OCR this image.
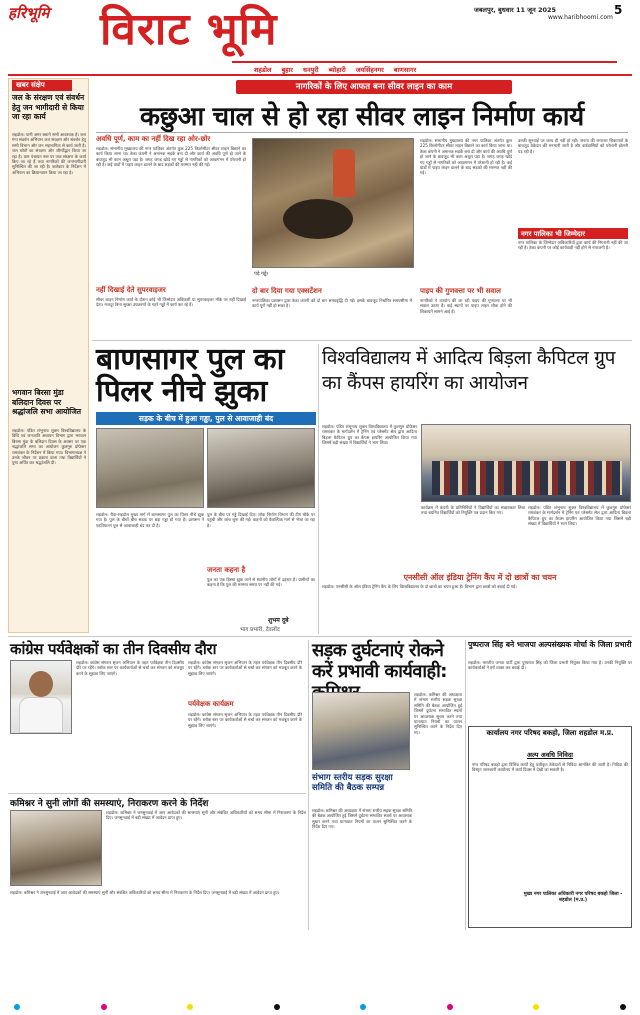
हरिभूमि विराट भूमि	जबलपुर, बुधवार 11 जून 2025
www.haribhoomi.com
5
शहडोल बुहार धनपुरी ब्योहारी जयसिंहनगर बाणसागर
खबर संक्षेप
जल के संरक्षण एवं संवर्धन हेतु जन भागीदारी से किया जा रहा कार्य
शहडोल। पानी अमर बचाने सभी आवश्यक है। जल गंगा संवर्धन अभियान जल संरक्षण और संवर्धन हेतु सभी विभाग और जन सहभागिता से कार्य जारी है। जल स्रोतों का संरक्षण और जीर्णोद्धार किया जा रहा है। ग्राम पंचायत स्तर पर जल संरक्षण के कार्य किए जा रहे हैं तथा नागरिकों की जनभागीदारी सुनिश्चित की जा रही है। कलेक्टर के निर्देशन में अभियान का क्रियान्वयन किया जा रहा है।
भगवान बिरसा मुंडा बलिदान दिवस पर श्रद्धांजलि सभा आयोजित
शहडोल। पंडित शंभूनाथ शुक्ल विश्वविद्यालय के विधि एवं जनजाति अध्ययन विभाग द्वारा भगवान बिरसा मुंडा के बलिदान दिवस के अवसर पर एक श्रद्धांजलि सभा का आयोजन कुलगुरु प्रोफेसर रामशंकर के निर्देशन में किया गया। विभागाध्यक्ष ने उनके जीवन पर प्रकाश डाला तथा विद्यार्थियों ने पुष्प अर्पित कर श्रद्धांजलि दी।
नागरिकों के लिए आफत बना सीवर लाइन का काम
कछुआ चाल से हो रहा सीवर लाइन निर्माण कार्य
अवधि पूर्ण, काम का नहीं दिख रहा ओर-छोर
शहडोल। संभागीय मुख्यालय की नगर पालिका अंतर्गत कुल 225 किलोमीटर सीवर लाइन बिछाने का कार्य किया जाना था। ठेका कंपनी ने अमानक सड़कें बना दी और कार्य की अवधि पूर्ण हो जाने के बावजूद भी काम अधूरा पड़ा है। जगह जगह खोदे गए गड्ढों से नागरिकों को आवागमन में परेशानी हो रही है। कई वार्डों में पाइप लाइन डालने के बाद सड़कों की मरम्मत नहीं की गई।
नहीं दिखाई देते सुपरवाइजर
सीवर लाइन निर्माण कार्य के दौरान कोई भी जिम्मेदार अधिकारी या सुपरवाइजर मौके पर नहीं दिखाई देता। मजदूर बिना सुरक्षा उपकरणों के गहरे गड्ढों में कार्य कर रहे हैं।
पड़े गड्ढे।
दो बार दिया गया एक्सटेंशन
नगरपालिका प्रशासन द्वारा ठेका कंपनी को दो बार समयवृद्धि दी गई। इसके बावजूद निर्धारित समयसीमा में कार्य पूर्ण नहीं हो सका है।
शहडोल। संभागीय मुख्यालय की नगर पालिका अंतर्गत कुल 225 किलोमीटर सीवर लाइन बिछाने का कार्य किया जाना था। ठेका कंपनी ने अमानक सड़कें बना दी और कार्य की अवधि पूर्ण हो जाने के बावजूद भी काम अधूरा पड़ा है। जगह जगह खोदे गए गड्ढों से नागरिकों को आवागमन में परेशानी हो रही है। कई वार्डों में पाइप लाइन डालने के बाद सड़कों की मरम्मत नहीं की गई।
पाइप की गुणवत्ता पर भी सवाल
नागरिकों ने उपयोग की जा रही पाइप की गुणवत्ता पर भी सवाल उठाए हैं। कई स्थानों पर पाइप लाइन लीक होने की शिकायतें सामने आई हैं।
उनकी सुनवाई पर जल्द ही नहीं हो रही। जनता की लगातार शिकायतों के बावजूद ठेकेदार की मनमानी जारी है और वार्डवासियों को परेशानी झेलनी पड़ रही है।
नगर पालिका भी जिम्मेदार
नगर पालिका के जिम्मेदार अधिकारियों द्वारा कार्य की निगरानी नहीं की जा रही है। ठेका कंपनी पर कोई कार्यवाही नहीं होने से नाराजगी है।
बाणसागर पुल का पिलर नीचे झुका
सड़क के बीच में हुआ गड्ढा, पुल से आवाजाही बंद
शहडोल। रीवा-शहडोल मुख्य मार्ग में बाणसागर पुल का पिलर नीचे झुक गया है। पुल के बीचों बीच सड़क पर बड़ा गड्ढा हो गया है। प्रशासन ने एहतियातन पुल से आवाजाही बंद कर दी है।
पुल के बीच पर गड्ढे दिखाई दिए। लोक निर्माण विभाग की टीम मौके पर पहुंची और जांच शुरू की गई। वाहनों को वैकल्पिक मार्ग से भेजा जा रहा है।
जनता कहना है
पुल का एक हिस्सा झुक जाने से स्थानीय लोगों में दहशत है। ग्रामीणों का कहना है कि पुल की मरम्मत समय पर नहीं की गई।
शुभम दुबे
भाग प्रभारी, देवलोंद
विश्वविद्यालय में आदित्य बिड़ला कैपिटल ग्रुप का कैंपस हायरिंग का आयोजन
शहडोल। पंडित शंभूनाथ शुक्ल विश्वविद्यालय में कुलगुरु प्रोफेसर रामशंकर के मार्गदर्शन में ट्रेनिंग एवं प्लेसमेंट सेल द्वारा आदित्य बिड़ला कैपिटल ग्रुप का कैंपस हायरिंग आयोजित किया गया जिसमें बड़ी संख्या में विद्यार्थियों ने भाग लिया।
कार्यक्रम में कंपनी के प्रतिनिधियों ने विद्यार्थियों का साक्षात्कार लिया तथा चयनित विद्यार्थियों को नियुक्ति पत्र प्रदान किए गए।
शहडोल। पंडित शंभूनाथ शुक्ल विश्वविद्यालय में कुलगुरु प्रोफेसर रामशंकर के मार्गदर्शन में ट्रेनिंग एवं प्लेसमेंट सेल द्वारा आदित्य बिड़ला कैपिटल ग्रुप का कैंपस हायरिंग आयोजित किया गया जिसमें बड़ी संख्या में विद्यार्थियों ने भाग लिया।
एनसीसी ऑल इंडिया ट्रेनिंग कैंप में दो छात्रों का चयन
शहडोल। एनसीसी के ऑल इंडिया ट्रेनिंग कैंप के लिए विश्वविद्यालय के दो छात्रों का चयन हुआ है। विभाग द्वारा छात्रों को बधाई दी गई।
कांग्रेस पर्यवेक्षकों का तीन दिवसीय दौरा
शहडोल। कांग्रेस संगठन सृजन अभियान के तहत पर्यवेक्षक तीन दिवसीय दौरे पर रहेंगे। ब्लॉक स्तर पर कार्यकर्ताओं से चर्चा कर संगठन को मजबूत करने के सुझाव लिए जाएंगे।
पर्यवेक्षक कार्यक्रम
शहडोल। कांग्रेस संगठन सृजन अभियान के तहत पर्यवेक्षक तीन दिवसीय दौरे पर रहेंगे। ब्लॉक स्तर पर कार्यकर्ताओं से चर्चा कर संगठन को मजबूत करने के सुझाव लिए जाएंगे।
शहडोल। कांग्रेस संगठन सृजन अभियान के तहत पर्यवेक्षक तीन दिवसीय दौरे पर रहेंगे। ब्लॉक स्तर पर कार्यकर्ताओं से चर्चा कर संगठन को मजबूत करने के सुझाव लिए जाएंगे।
कमिश्नर ने सुनी लोगों की समस्याएं, निराकरण करने के निर्देश
शहडोल। कमिश्नर ने जनसुनवाई में आए आवेदकों की समस्याएं सुनीं और संबंधित अधिकारियों को समय सीमा में निराकरण के निर्देश दिए। जनसुनवाई में बड़ी संख्या में आवेदन प्राप्त हुए।
शहडोल। कमिश्नर ने जनसुनवाई में आए आवेदकों की समस्याएं सुनीं और संबंधित अधिकारियों को समय सीमा में निराकरण के निर्देश दिए। जनसुनवाई में बड़ी संख्या में आवेदन प्राप्त हुए।
सड़क दुर्घटनाएं रोकने करें प्रभावी कार्यवाही:
संभाग स्तरीय सड़क सुरक्षा समिति की बैठक सम्पन्न
शहडोल। कमिश्नर की अध्यक्षता में संभाग स्तरीय सड़क सुरक्षा समिति की बैठक आयोजित हुई जिसमें दुर्घटना संभावित स्थलों पर आवश्यक सुधार करने तथा यातायात नियमों का पालन सुनिश्चित करने के निर्देश दिए गए।
शहडोल। कमिश्नर की अध्यक्षता में संभाग स्तरीय सड़क सुरक्षा समिति की बैठक आयोजित हुई जिसमें दुर्घटना संभावित स्थलों पर आवश्यक सुधार करने तथा यातायात नियमों का पालन सुनिश्चित करने के निर्देश दिए गए।
पुष्पराज सिंह बने भाजपा अल्पसंख्यक मोर्चा के जिला प्रभारी
शहडोल। भारतीय जनता पार्टी द्वारा पुष्पराज सिंह को जिला प्रभारी नियुक्त किया गया है। उनकी नियुक्ति पर कार्यकर्ताओं ने हर्ष व्यक्त कर बधाई दी।
कार्यालय नगर परिषद बकहो, जिला शहडोल म.प्र.
अल्प अवधि निविदा
नगर परिषद बकहो द्वारा विभिन्न कार्यों हेतु पंजीकृत ठेकेदारों से निविदा आमंत्रित की जाती है। निविदा की विस्तृत जानकारी कार्यालय में कार्य दिवस में देखी जा सकती है।
मुख्य नगर पालिका अधिकारी नगर परिषद बकहो जिला - शहडोल (म.प्र.)
